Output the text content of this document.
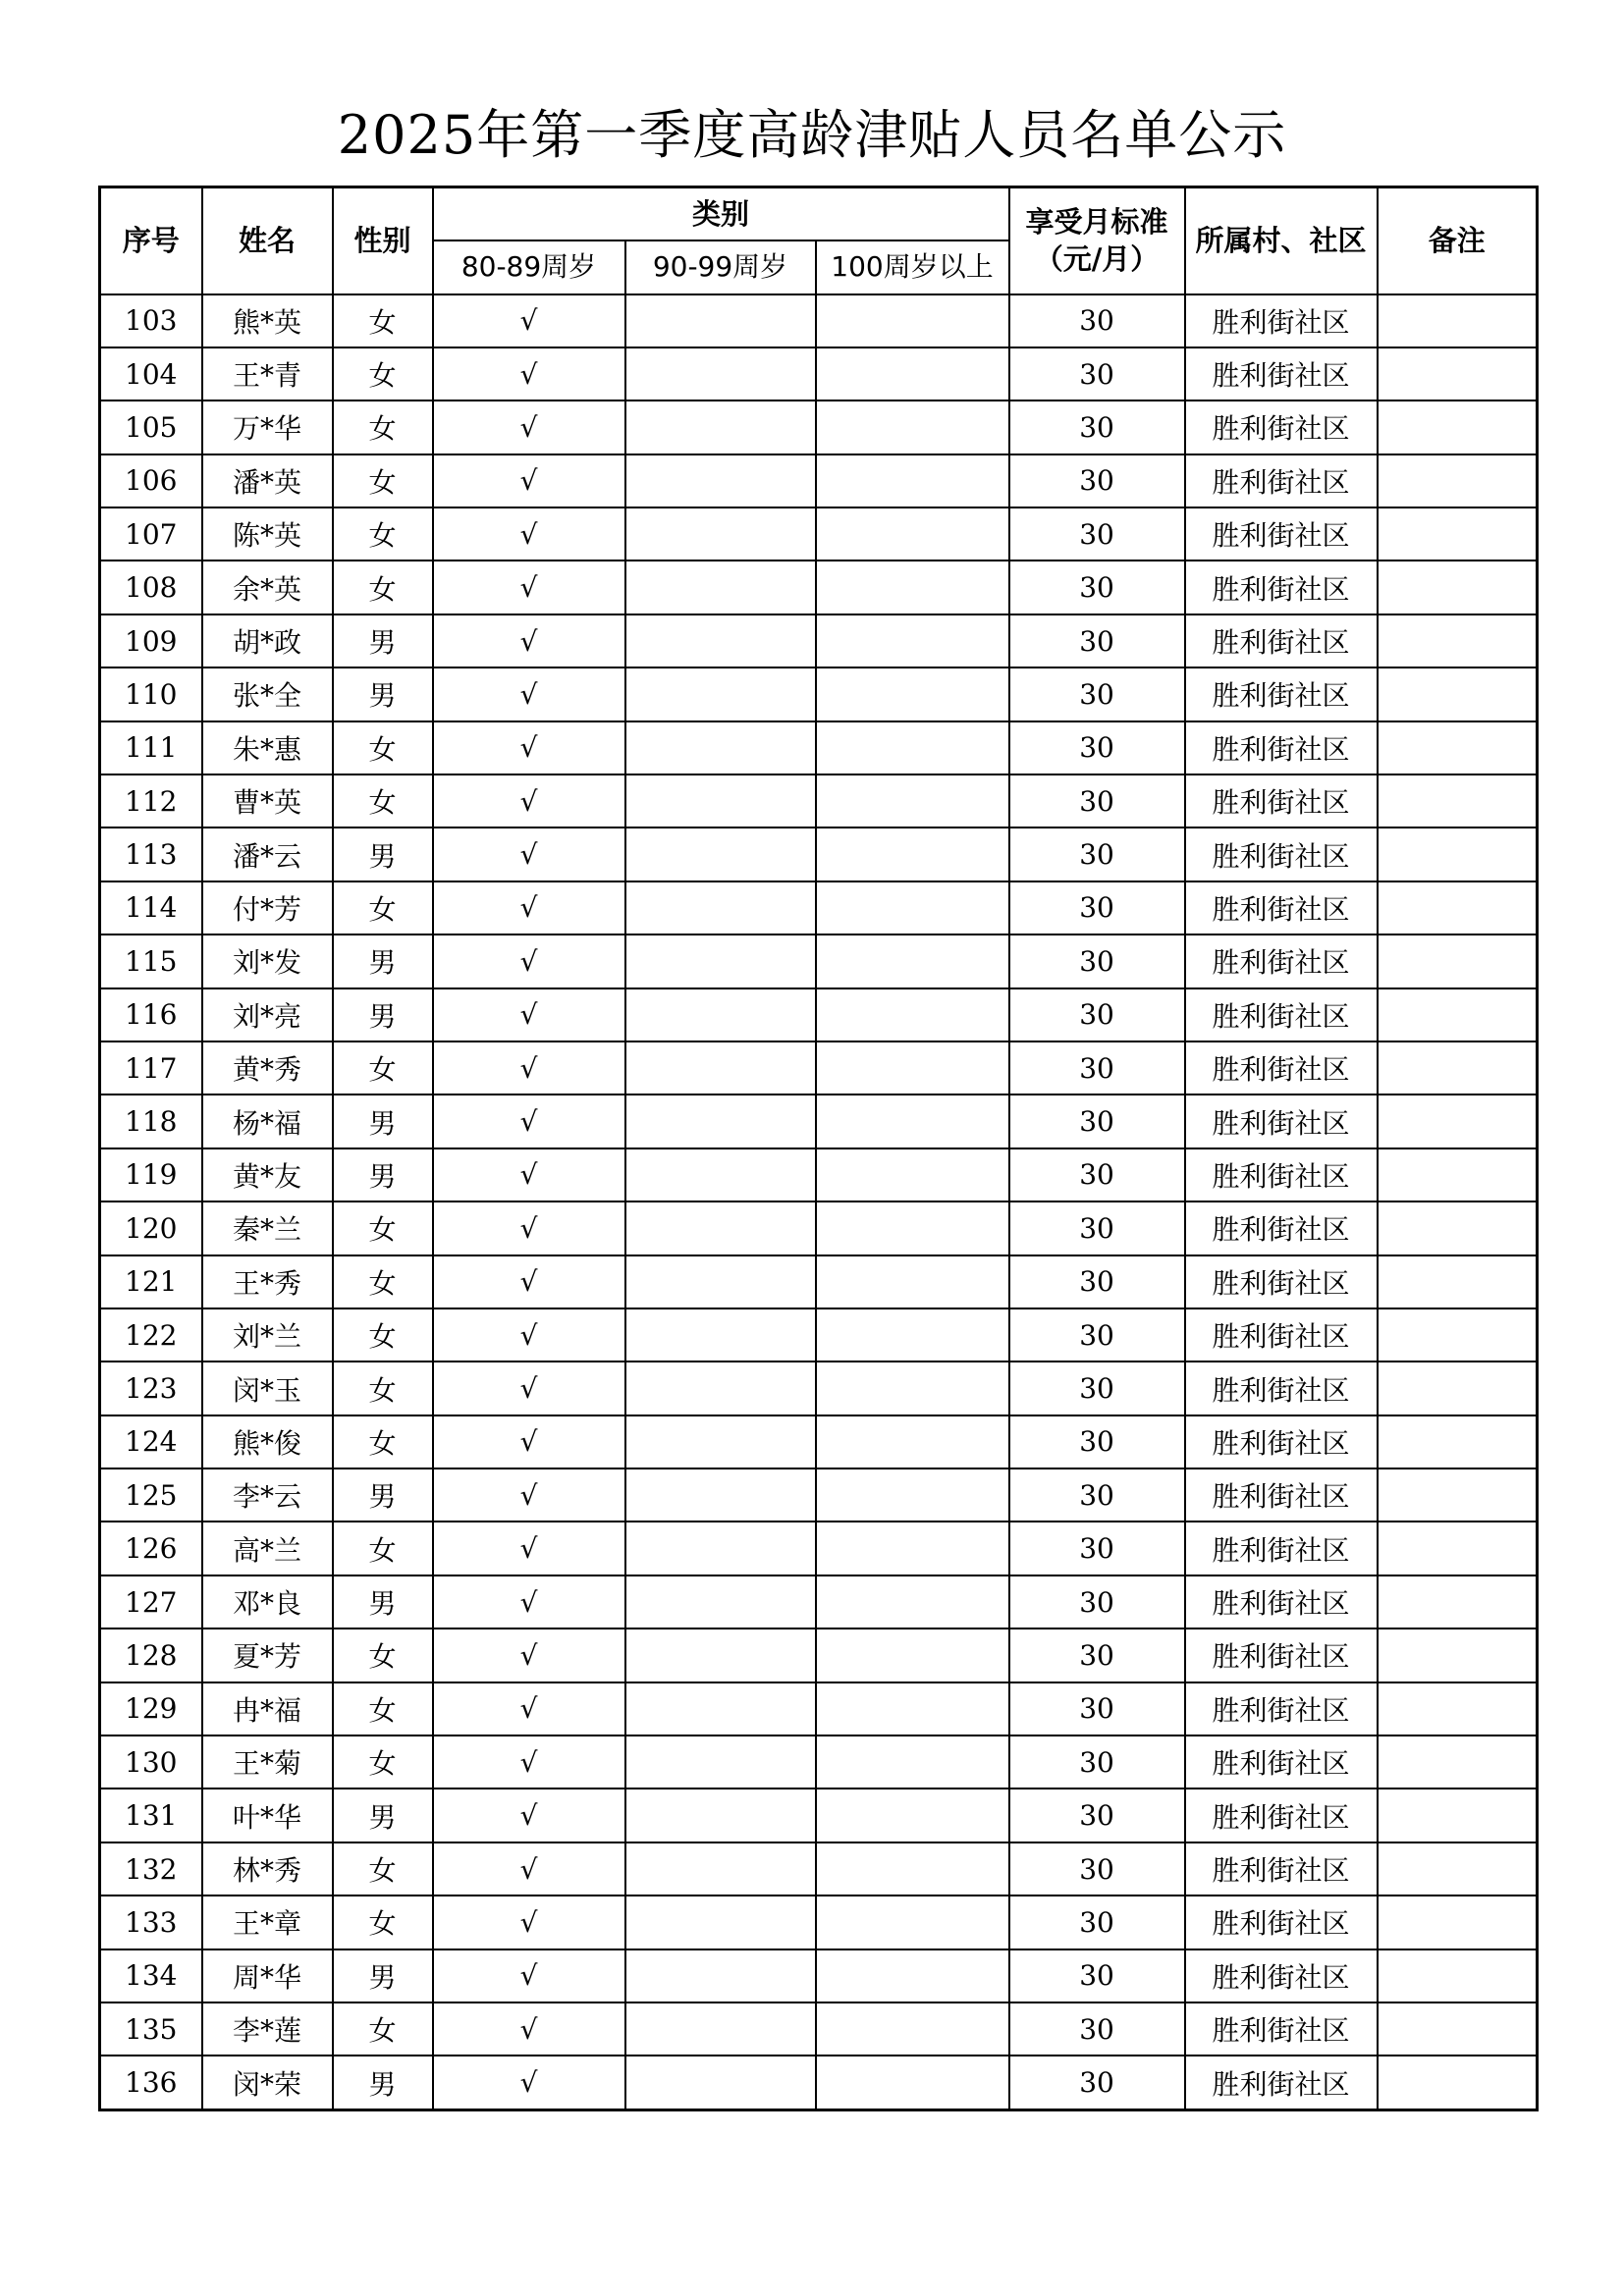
2025年第一季度高龄津贴人员名单公示
序号	姓名	性别	类别			享受月标准（元/月）	所属村、社区	备注
			80-89周岁	90-99周岁	100周岁以上			
103	熊*英	女	√			30	胜利街社区	
104	王*青	女	√			30	胜利街社区	
105	万*华	女	√			30	胜利街社区	
106	潘*英	女	√			30	胜利街社区	
107	陈*英	女	√			30	胜利街社区	
108	余*英	女	√			30	胜利街社区	
109	胡*政	男	√			30	胜利街社区	
110	张*全	男	√			30	胜利街社区	
111	朱*惠	女	√			30	胜利街社区	
112	曹*英	女	√			30	胜利街社区	
113	潘*云	男	√			30	胜利街社区	
114	付*芳	女	√			30	胜利街社区	
115	刘*发	男	√			30	胜利街社区	
116	刘*亮	男	√			30	胜利街社区	
117	黄*秀	女	√			30	胜利街社区	
118	杨*福	男	√			30	胜利街社区	
119	黄*友	男	√			30	胜利街社区	
120	秦*兰	女	√			30	胜利街社区	
121	王*秀	女	√			30	胜利街社区	
122	刘*兰	女	√			30	胜利街社区	
123	闵*玉	女	√			30	胜利街社区	
124	熊*俊	女	√			30	胜利街社区	
125	李*云	男	√			30	胜利街社区	
126	高*兰	女	√			30	胜利街社区	
127	邓*良	男	√			30	胜利街社区	
128	夏*芳	女	√			30	胜利街社区	
129	冉*福	女	√			30	胜利街社区	
130	王*菊	女	√			30	胜利街社区	
131	叶*华	男	√			30	胜利街社区	
132	林*秀	女	√			30	胜利街社区	
133	王*章	女	√			30	胜利街社区	
134	周*华	男	√			30	胜利街社区	
135	李*莲	女	√			30	胜利街社区	
136	闵*荣	男	√			30	胜利街社区	
